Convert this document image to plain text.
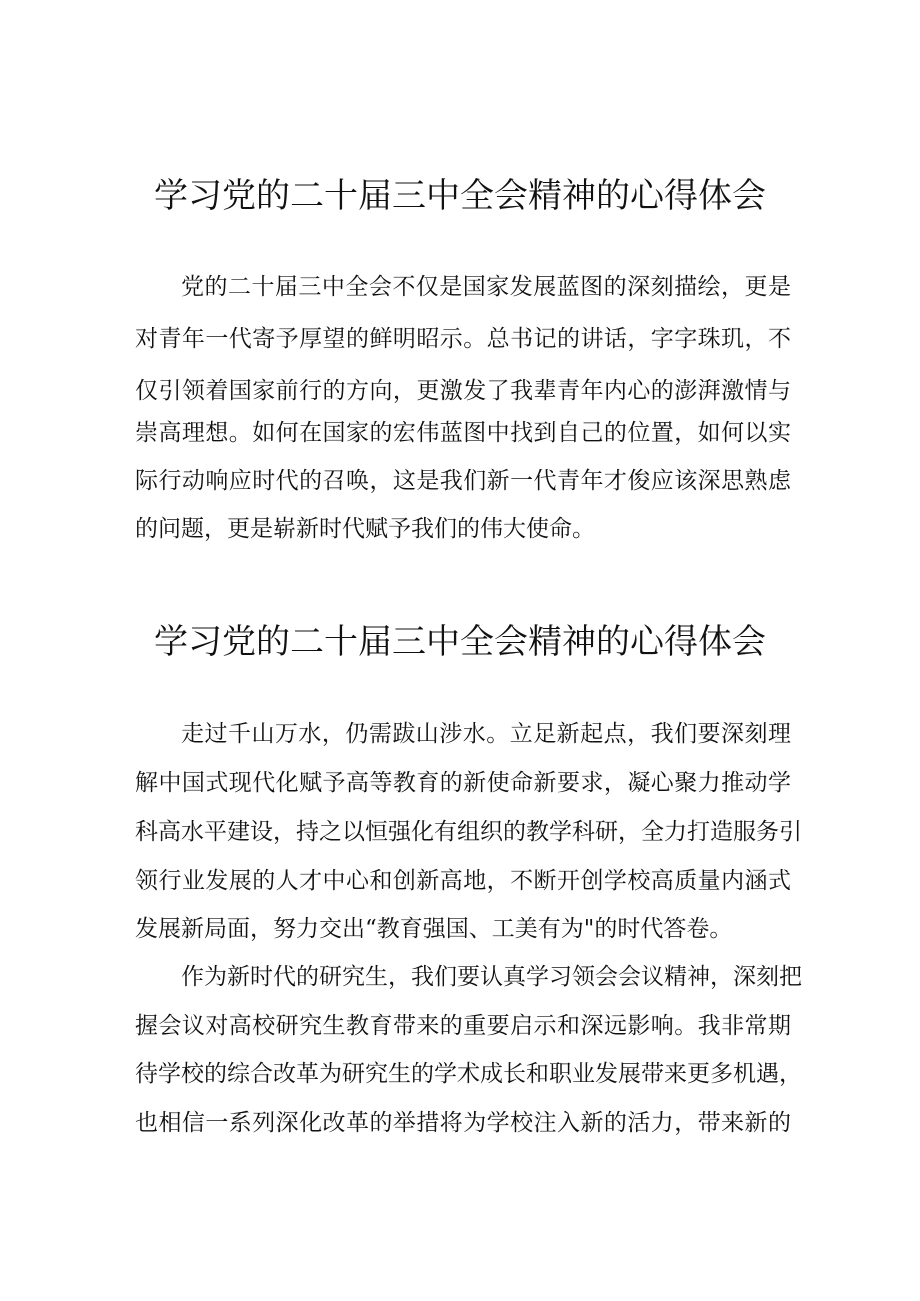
学习党的二十届三中全会精神的心得体会
党的二十届三中全会不仅是国家发展蓝图的深刻描绘，更是
对青年一代寄予厚望的鲜明昭示。总书记的讲话，字字珠玑，不
仅引领着国家前行的方向，更激发了我辈青年内心的澎湃激情与
崇高理想。如何在国家的宏伟蓝图中找到自己的位置，如何以实
际行动响应时代的召唤，这是我们新一代青年才俊应该深思熟虑
的问题，更是崭新时代赋予我们的伟大使命。
学习党的二十届三中全会精神的心得体会
走过千山万水，仍需跋山涉水。立足新起点，我们要深刻理
解中国式现代化赋予高等教育的新使命新要求，凝心聚力推动学
科高水平建设，持之以恒强化有组织的教学科研，全力打造服务引
领行业发展的人才中心和创新高地，不断开创学校高质量内涵式
发展新局面，努力交出“教育强国、工美有为"的时代答卷。
作为新时代的研究生，我们要认真学习领会会议精神，深刻把
握会议对高校研究生教育带来的重要启示和深远影响。我非常期
待学校的综合改革为研究生的学术成长和职业发展带来更多机遇，
也相信一系列深化改革的举措将为学校注入新的活力，带来新的
